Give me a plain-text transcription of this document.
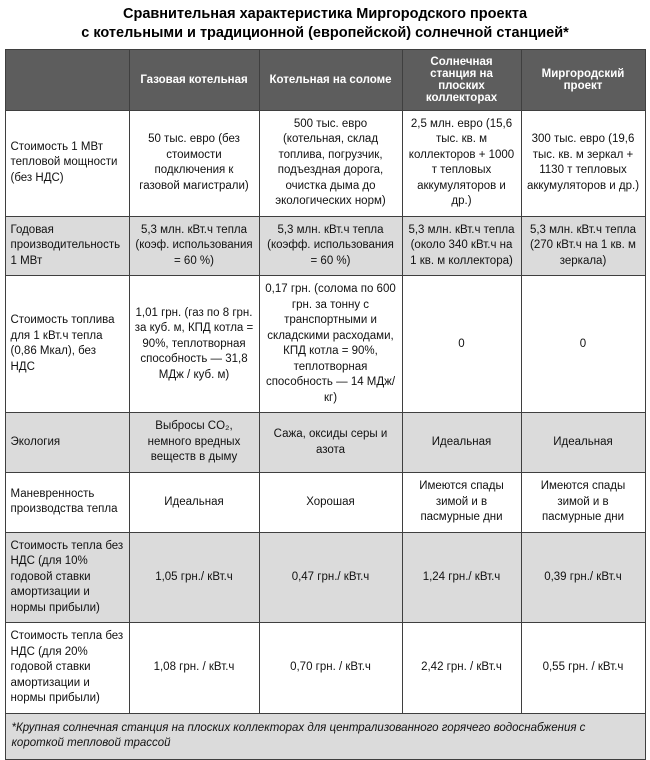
Сравнительная характеристика Миргородского проекта
с котельными и традиционной (европейской) солнечной станцией*
	Газовая котельная	Котельная на соломе	Солнечная станция на плоских коллекторах	Миргородский проект
Стоимость 1 МВт тепловой мощности (без НДС)	50 тыс. евро (без стоимости подключения к газовой магистрали)	500 тыс. евро (котельная, склад топлива, погрузчик, подъездная дорога, очистка дыма до экологических норм)	2,5 млн. евро (15,6 тыс. кв. м коллекторов + 1000 т тепловых аккумуляторов и др.)	300 тыс. евро (19,6 тыс. кв. м зеркал + 1130 т тепловых аккумуляторов и др.)
Годовая производительность 1 МВт	5,3 млн. кВт.ч тепла (коэф. использования = 60 %)	5,3 млн. кВт.ч тепла (коэфф. использования = 60 %)	5,3 млн. кВт.ч тепла (около 340 кВт.ч на 1 кв. м коллектора)	5,3 млн. кВт.ч тепла (270 кВт.ч на 1 кв. м зеркала)
Стоимость топлива для 1 кВт.ч тепла (0,86 Мкал), без НДС	1,01 грн. (газ по 8 грн. за куб. м, КПД котла = 90%, теплотворная способность — 31,8 МДж / куб. м)	0,17 грн. (солома по 600 грн. за тонну с транспортными и складскими расходами, КПД котла = 90%, теплотворная способность — 14 МДж/кг)	0	0
Экология	Выбросы CO₂, немного вредных веществ в дыму	Сажа, оксиды серы и азота	Идеальная	Идеальная
Маневренность производства тепла	Идеальная	Хорошая	Имеются спады зимой и в пасмурные дни	Имеются спады зимой и в пасмурные дни
Стоимость тепла без НДС (для 10% годовой ставки амортизации и нормы прибыли)	1,05 грн./ кВт.ч	0,47 грн./ кВт.ч	1,24 грн./ кВт.ч	0,39 грн./ кВт.ч
Стоимость тепла без НДС (для 20% годовой ставки амортизации и нормы прибыли)	1,08 грн. / кВт.ч	0,70 грн. / кВт.ч	2,42 грн. / кВт.ч	0,55 грн. / кВт.ч
*Крупная солнечная станция на плоских коллекторах для централизованного горячего водоснабжения с короткой тепловой трассой				
